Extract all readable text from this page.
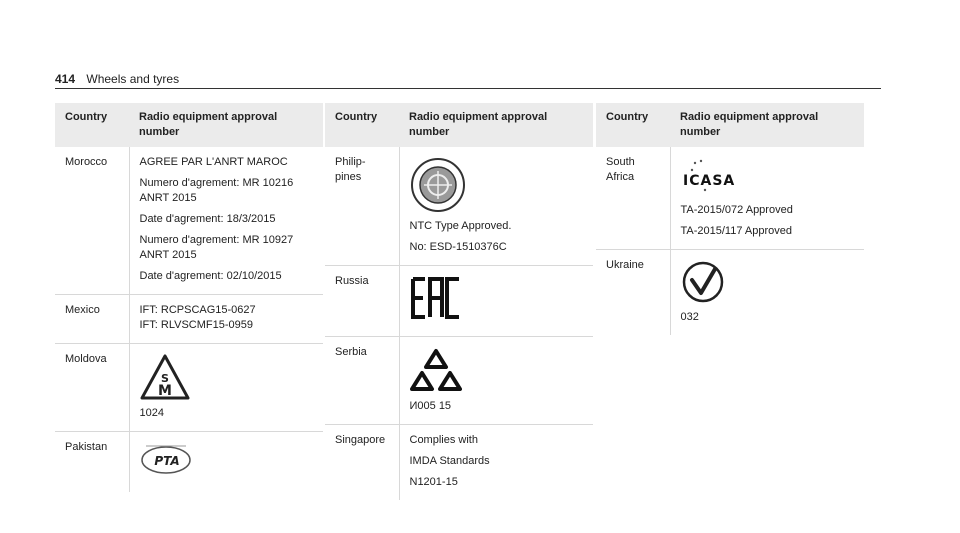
414 Wheels and tyres
Country	Radio equipment approval number
Morocco	AGREE PAR L'ANRT MAROC
Numero d'agrement: MR 10216 ANRT 2015
Date d'agrement: 18/3/2015
Numero d'agrement: MR 10927 ANRT 2015
Date d'agrement: 02/10/2015

Mexico	IFT: RCPSCAG15-0627
IFT: RLVSCMF15-0959

Moldova	S
M
1024

Pakistan	PTA
Country	Radio equipment approval number
Philip-
pines	NTC Type Approved.
No: ESD-1510376C

Russia	

Serbia	И005 15

Singapore	Complies with
IMDA Standards
N1201-15
Country	Radio equipment approval number
South
Africa	ICASA
TA-2015/072 Approved
TA-2015/117 Approved

Ukraine	032
